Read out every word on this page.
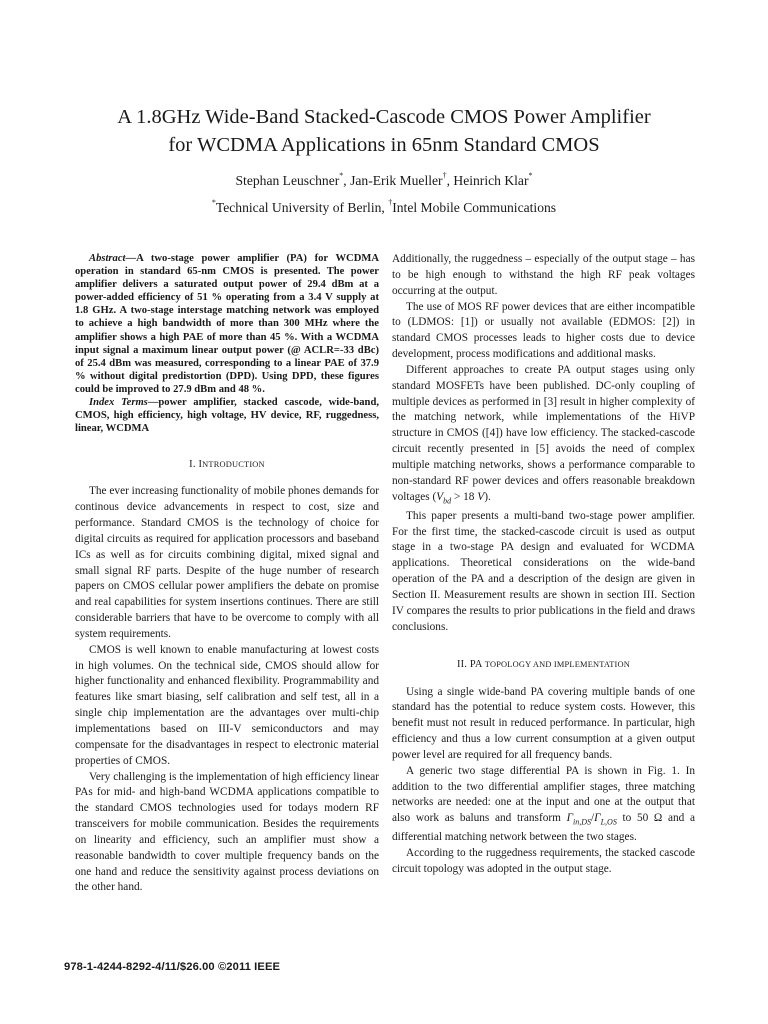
A 1.8GHz Wide-Band Stacked-Cascode CMOS Power Amplifier
for WCDMA Applications in 65nm Standard CMOS
Stephan Leuschner*, Jan-Erik Mueller†, Heinrich Klar*
*Technical University of Berlin, †Intel Mobile Communications

Abstract—A two-stage power amplifier (PA) for WCDMA operation in standard 65-nm CMOS is presented. The power amplifier delivers a saturated output power of 29.4 dBm at a power-added efficiency of 51 % operating from a 3.4 V supply at 1.8 GHz. A two-stage interstage matching network was employed to achieve a high bandwidth of more than 300 MHz where the amplifier shows a high PAE of more than 45 %. With a WCDMA input signal a maximum linear output power (@ ACLR=-33 dBc) of 25.4 dBm was measured, corresponding to a linear PAE of 37.9 % without digital predistortion (DPD). Using DPD, these figures could be improved to 27.9 dBm and 48 %.

Index Terms—power amplifier, stacked cascode, wide-band, CMOS, high efficiency, high voltage, HV device, RF, ruggedness, linear, WCDMA

I. INTRODUCTION

The ever increasing functionality of mobile phones demands for continous device advancements in respect to cost, size and performance. Standard CMOS is the technology of choice for digital circuits as required for application processors and baseband ICs as well as for circuits combining digital, mixed signal and small signal RF parts. Despite of the huge number of research papers on CMOS cellular power amplifiers the debate on promise and real capabilities for system insertions continues. There are still considerable barriers that have to be overcome to comply with all system requirements.

CMOS is well known to enable manufacturing at lowest costs in high volumes. On the technical side, CMOS should allow for higher functionality and enhanced flexibility. Programmability and features like smart biasing, self calibration and self test, all in a single chip implementation are the advantages over multi-chip implementations based on III-V semiconductors and may compensate for the disadvantages in respect to electronic material properties of CMOS.

Very challenging is the implementation of high efficiency linear PAs for mid- and high-band WCDMA applications compatible to the standard CMOS technologies used for todays modern RF transceivers for mobile communication. Besides the requirements on linearity and efficiency, such an amplifier must show a reasonable bandwidth to cover multiple frequency bands on the one hand and reduce the sensitivity against process deviations on the other hand.

Additionally, the ruggedness – especially of the output stage – has to be high enough to withstand the high RF peak voltages occurring at the output.

The use of MOS RF power devices that are either incompatible to (LDMOS: [1]) or usually not available (EDMOS: [2]) in standard CMOS processes leads to higher costs due to device development, process modifications and additional masks.

Different approaches to create PA output stages using only standard MOSFETs have been published. DC-only coupling of multiple devices as performed in [3] result in higher complexity of the matching network, while implementations of the HiVP structure in CMOS ([4]) have low efficiency. The stacked-cascode circuit recently presented in [5] avoids the need of complex multiple matching networks, shows a performance comparable to non-standard RF power devices and offers reasonable breakdown voltages ($V_{bd} > 18$ V).

This paper presents a multi-band two-stage power amplifier. For the first time, the stacked-cascode circuit is used as output stage in a two-stage PA design and evaluated for WCDMA applications. Theoretical considerations on the wide-band operation of the PA and a description of the design are given in Section II. Measurement results are shown in section III. Section IV compares the results to prior publications in the field and draws conclusions.

II. PA TOPOLOGY AND IMPLEMENTATION

Using a single wide-band PA covering multiple bands of one standard has the potential to reduce system costs. However, this benefit must not result in reduced performance. In particular, high efficiency and thus a low current consumption at a given output power level are required for all frequency bands.

A generic two stage differential PA is shown in Fig. 1. In addition to the two differential amplifier stages, three matching networks are needed: one at the input and one at the output that also work as baluns and transform $\Gamma_{in,DS}/\Gamma_{L,OS}$ to 50 Ω and a differential matching network between the two stages.

According to the ruggedness requirements, the stacked cascode circuit topology was adopted in the output stage.

978-1-4244-8292-4/11/$26.00 ©2011 IEEE
